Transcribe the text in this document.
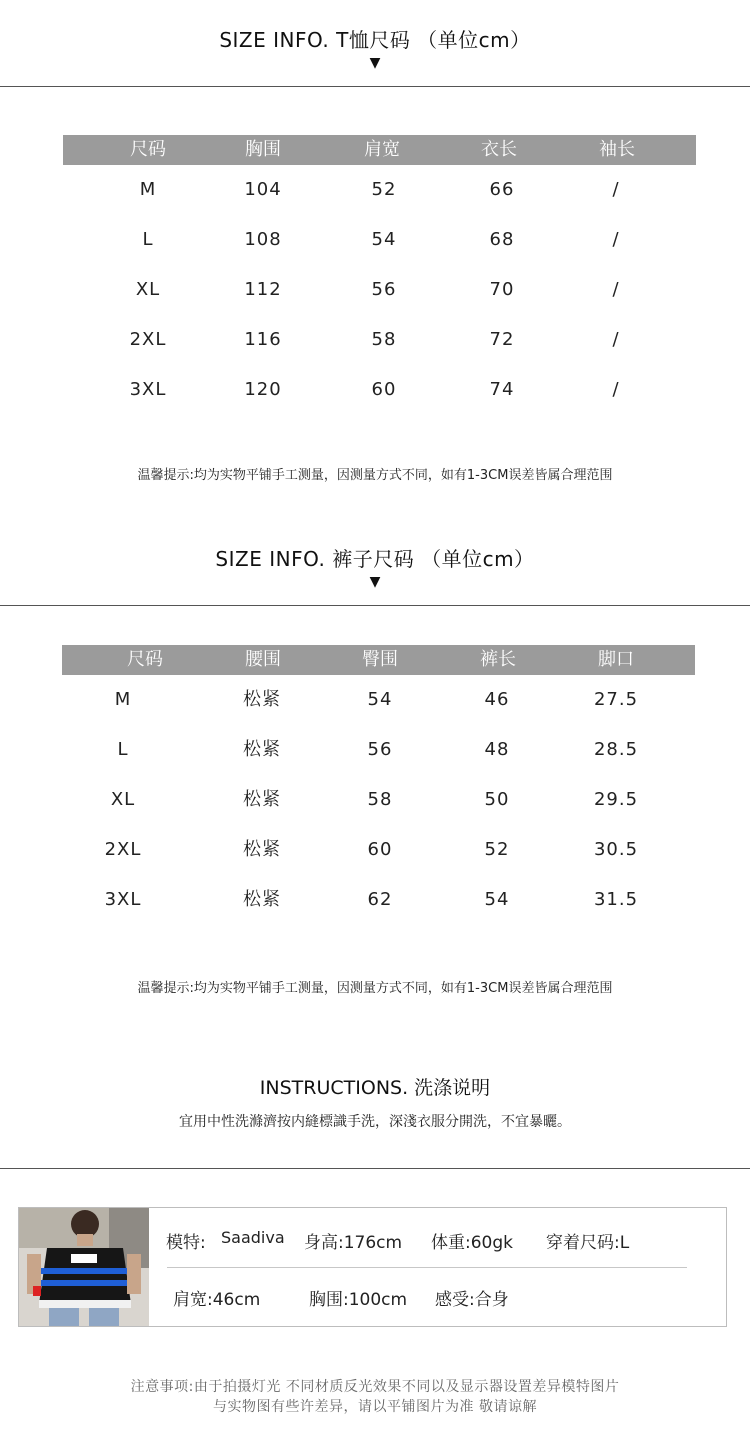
SIZE INFO. T恤尺码 （单位cm）
▼
尺码	胸围	肩宽	衣长	袖长
M	104	52	66	/
L	108	54	68	/
XL	112	56	70	/
2XL	116	58	72	/
3XL	120	60	74	/
温馨提示:均为实物平铺手工测量，因测量方式不同，如有1-3CM误差皆属合理范围
SIZE INFO. 裤子尺码 （单位cm）
▼
尺码	腰围	臀围	裤长	脚口
M	松紧	54	46	27.5
L	松紧	56	48	28.5
XL	松紧	58	50	29.5
2XL	松紧	60	52	30.5
3XL	松紧	62	54	31.5
温馨提示:均为实物平铺手工测量，因测量方式不同，如有1-3CM误差皆属合理范围
INSTRUCTIONS. 洗涤说明
宜用中性洗滌濟按内縫標識手洗，深淺衣服分開洗，不宜暴曬。
模特: Saadiva 身高:176cm 体重:60gk 穿着尺码:L
肩宽:46cm	胸围:100cm 感受:合身
注意事项:由于拍摄灯光 不同材质反光效果不同以及显示器设置差异模特图片
与实物图有些许差异，请以平铺图片为准 敬请谅解
